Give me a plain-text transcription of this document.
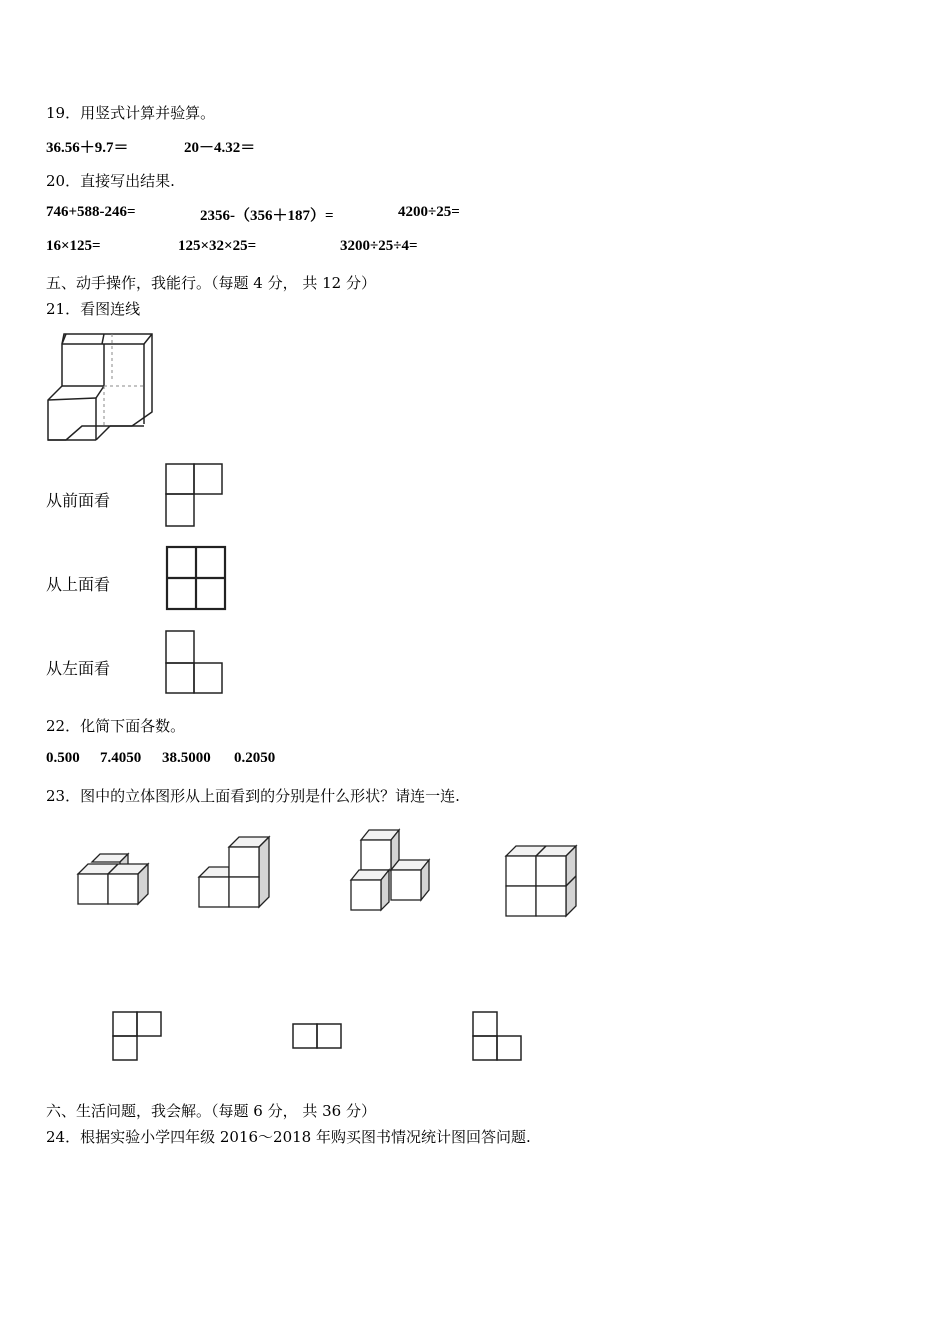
19．用竖式计算并验算。
36.56＋9.7＝	20－4.32＝
20．直接写出结果.
746+588-246=	2356-（356＋187）=	4200÷25=
16×125=	125×32×25=	3200÷25÷4=
五、动手操作，我能行。（每题 4 分， 共 12 分）
21．看图连线
从前面看
从上面看
从左面看
22．化简下面各数。
0.500 7.4050 38.5000 0.2050
23．图中的立体图形从上面看到的分别是什么形状？请连一连.
六、生活问题，我会解。（每题 6 分， 共 36 分）
24．根据实验小学四年级 2016～2018 年购买图书情况统计图回答问题.
